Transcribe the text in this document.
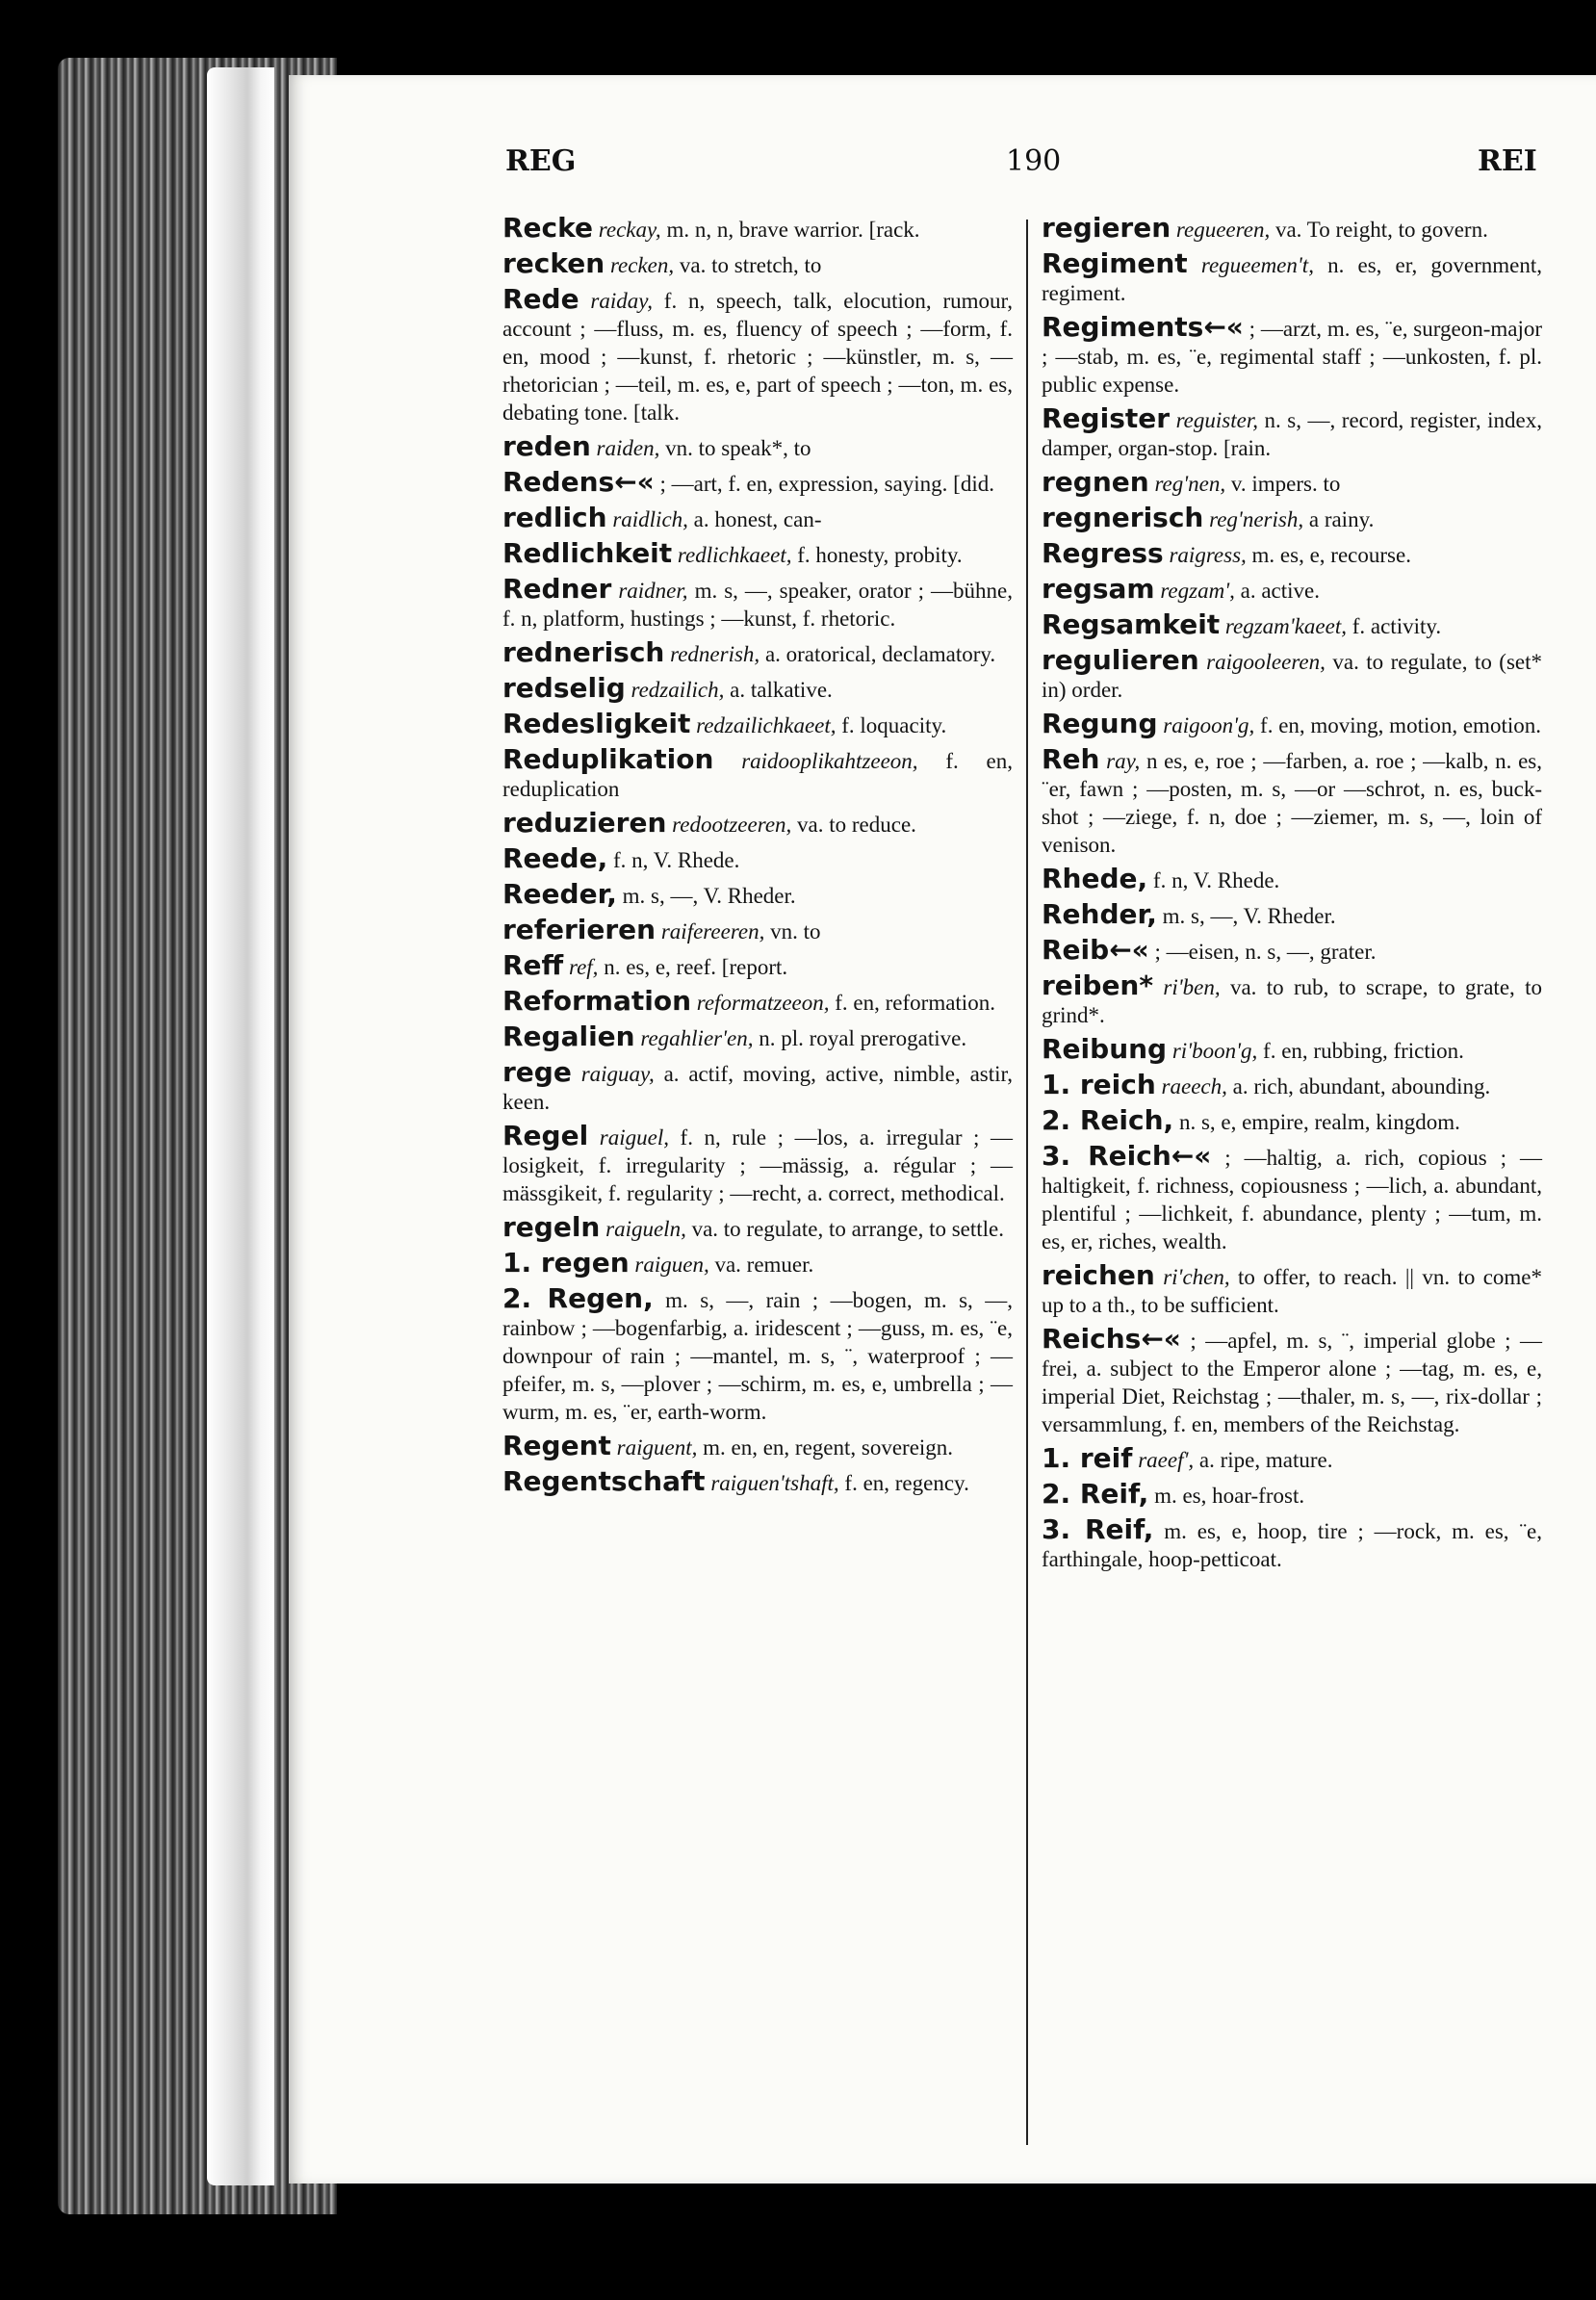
REG	190	REI

Recke reckay, m. n, n, brave warrior. [rack.

recken recken, va. to stretch, to

Rede raiday, f. n, speech, talk, elocution, rumour, account ; —fluss, m. es, fluency of speech ; —form, f. en, mood ; —kunst, f. rhetoric ; —künstler, m. s, —rhetorician ; —teil, m. es, e, part of speech ; —ton, m. es, debating tone. [talk.

reden raiden, vn. to speak*, to

Redens←« ; —art, f. en, expression, saying. [did.

redlich raidlich, a. honest, can-

Redlichkeit redlichkaeet, f. honesty, probity.

Redner raidner, m. s, —, speaker, orator ; —bühne, f. n, platform, hustings ; —kunst, f. rhetoric.

rednerisch rednerish, a. oratorical, declamatory.

redselig redzailich, a. talkative.

Redesligkeit redzailichkaeet, f. loquacity.

Reduplikation raidooplikahtzeeon, f. en, reduplication

reduzieren redootzeeren, va. to reduce.

Reede, f. n, V. Rhede.

Reeder, m. s, —, V. Rheder.

referieren raifereeren, vn. to

Reff ref, n. es, e, reef. [report.

Reformation reformatzeeon, f. en, reformation.

Regalien regahlier'en, n. pl. royal prerogative.

rege raiguay, a. actif, moving, active, nimble, astir, keen.

Regel raiguel, f. n, rule ; —los, a. irregular ; —losigkeit, f. irregularity ; —mässig, a. régular ; —mässgikeit, f. regularity ; —recht, a. correct, methodical.

regeln raigueln, va. to regulate, to arrange, to settle.

1. regen raiguen, va. remuer.

2. Regen, m. s, —, rain ; —bogen, m. s, —, rainbow ; —bogenfarbig, a. iridescent ; —guss, m. es, ¨e, downpour of rain ; —mantel, m. s, ¨, waterproof ; —pfeifer, m. s, —plover ; —schirm, m. es, e, umbrella ; —wurm, m. es, ¨er, earth-worm.

Regent raiguent, m. en, en, regent, sovereign.

Regentschaft raiguen'tshaft, f. en, regency.

regieren regueeren, va. To reight, to govern.

Regiment regueemen't, n. es, er, government, regiment.

Regiments←« ; —arzt, m. es, ¨e, surgeon-major ; —stab, m. es, ¨e, regimental staff ; —unkosten, f. pl. public expense.

Register reguister, n. s, —, record, register, index, damper, organ-stop. [rain.

regnen reg'nen, v. impers. to

regnerisch reg'nerish, a rainy.

Regress raigress, m. es, e, recourse.

regsam regzam', a. active.

Regsamkeit regzam'kaeet, f. activity.

regulieren raigooleeren, va. to regulate, to (set* in) order.

Regung raigoon'g, f. en, moving, motion, emotion.

Reh ray, n es, e, roe ; —farben, a. roe ; —kalb, n. es, ¨er, fawn ; —posten, m. s, —or —schrot, n. es, buck-shot ; —ziege, f. n, doe ; —ziemer, m. s, —, loin of venison.

Rhede, f. n, V. Rhede.

Rehder, m. s, —, V. Rheder.

Reib←« ; —eisen, n. s, —, grater.

reiben* ri'ben, va. to rub, to scrape, to grate, to grind*.

Reibung ri'boon'g, f. en, rubbing, friction.

1. reich raeech, a. rich, abundant, abounding.

2. Reich, n. s, e, empire, realm, kingdom.

3. Reich←« ; —haltig, a. rich, copious ; —haltigkeit, f. richness, copiousness ; —lich, a. abundant, plentiful ; —lichkeit, f. abundance, plenty ; —tum, m. es, er, riches, wealth.

reichen ri'chen, to offer, to reach. || vn. to come* up to a th., to be sufficient.

Reichs←« ; —apfel, m. s, ¨, imperial globe ; —frei, a. subject to the Emperor alone ; —tag, m. es, e, imperial Diet, Reichstag ; —thaler, m. s, —, rix-dollar ; versammlung, f. en, members of the Reichstag.

1. reif raeef', a. ripe, mature.

2. Reif, m. es, hoar-frost.

3. Reif, m. es, e, hoop, tire ; —rock, m. es, ¨e, farthingale, hoop-petticoat.
